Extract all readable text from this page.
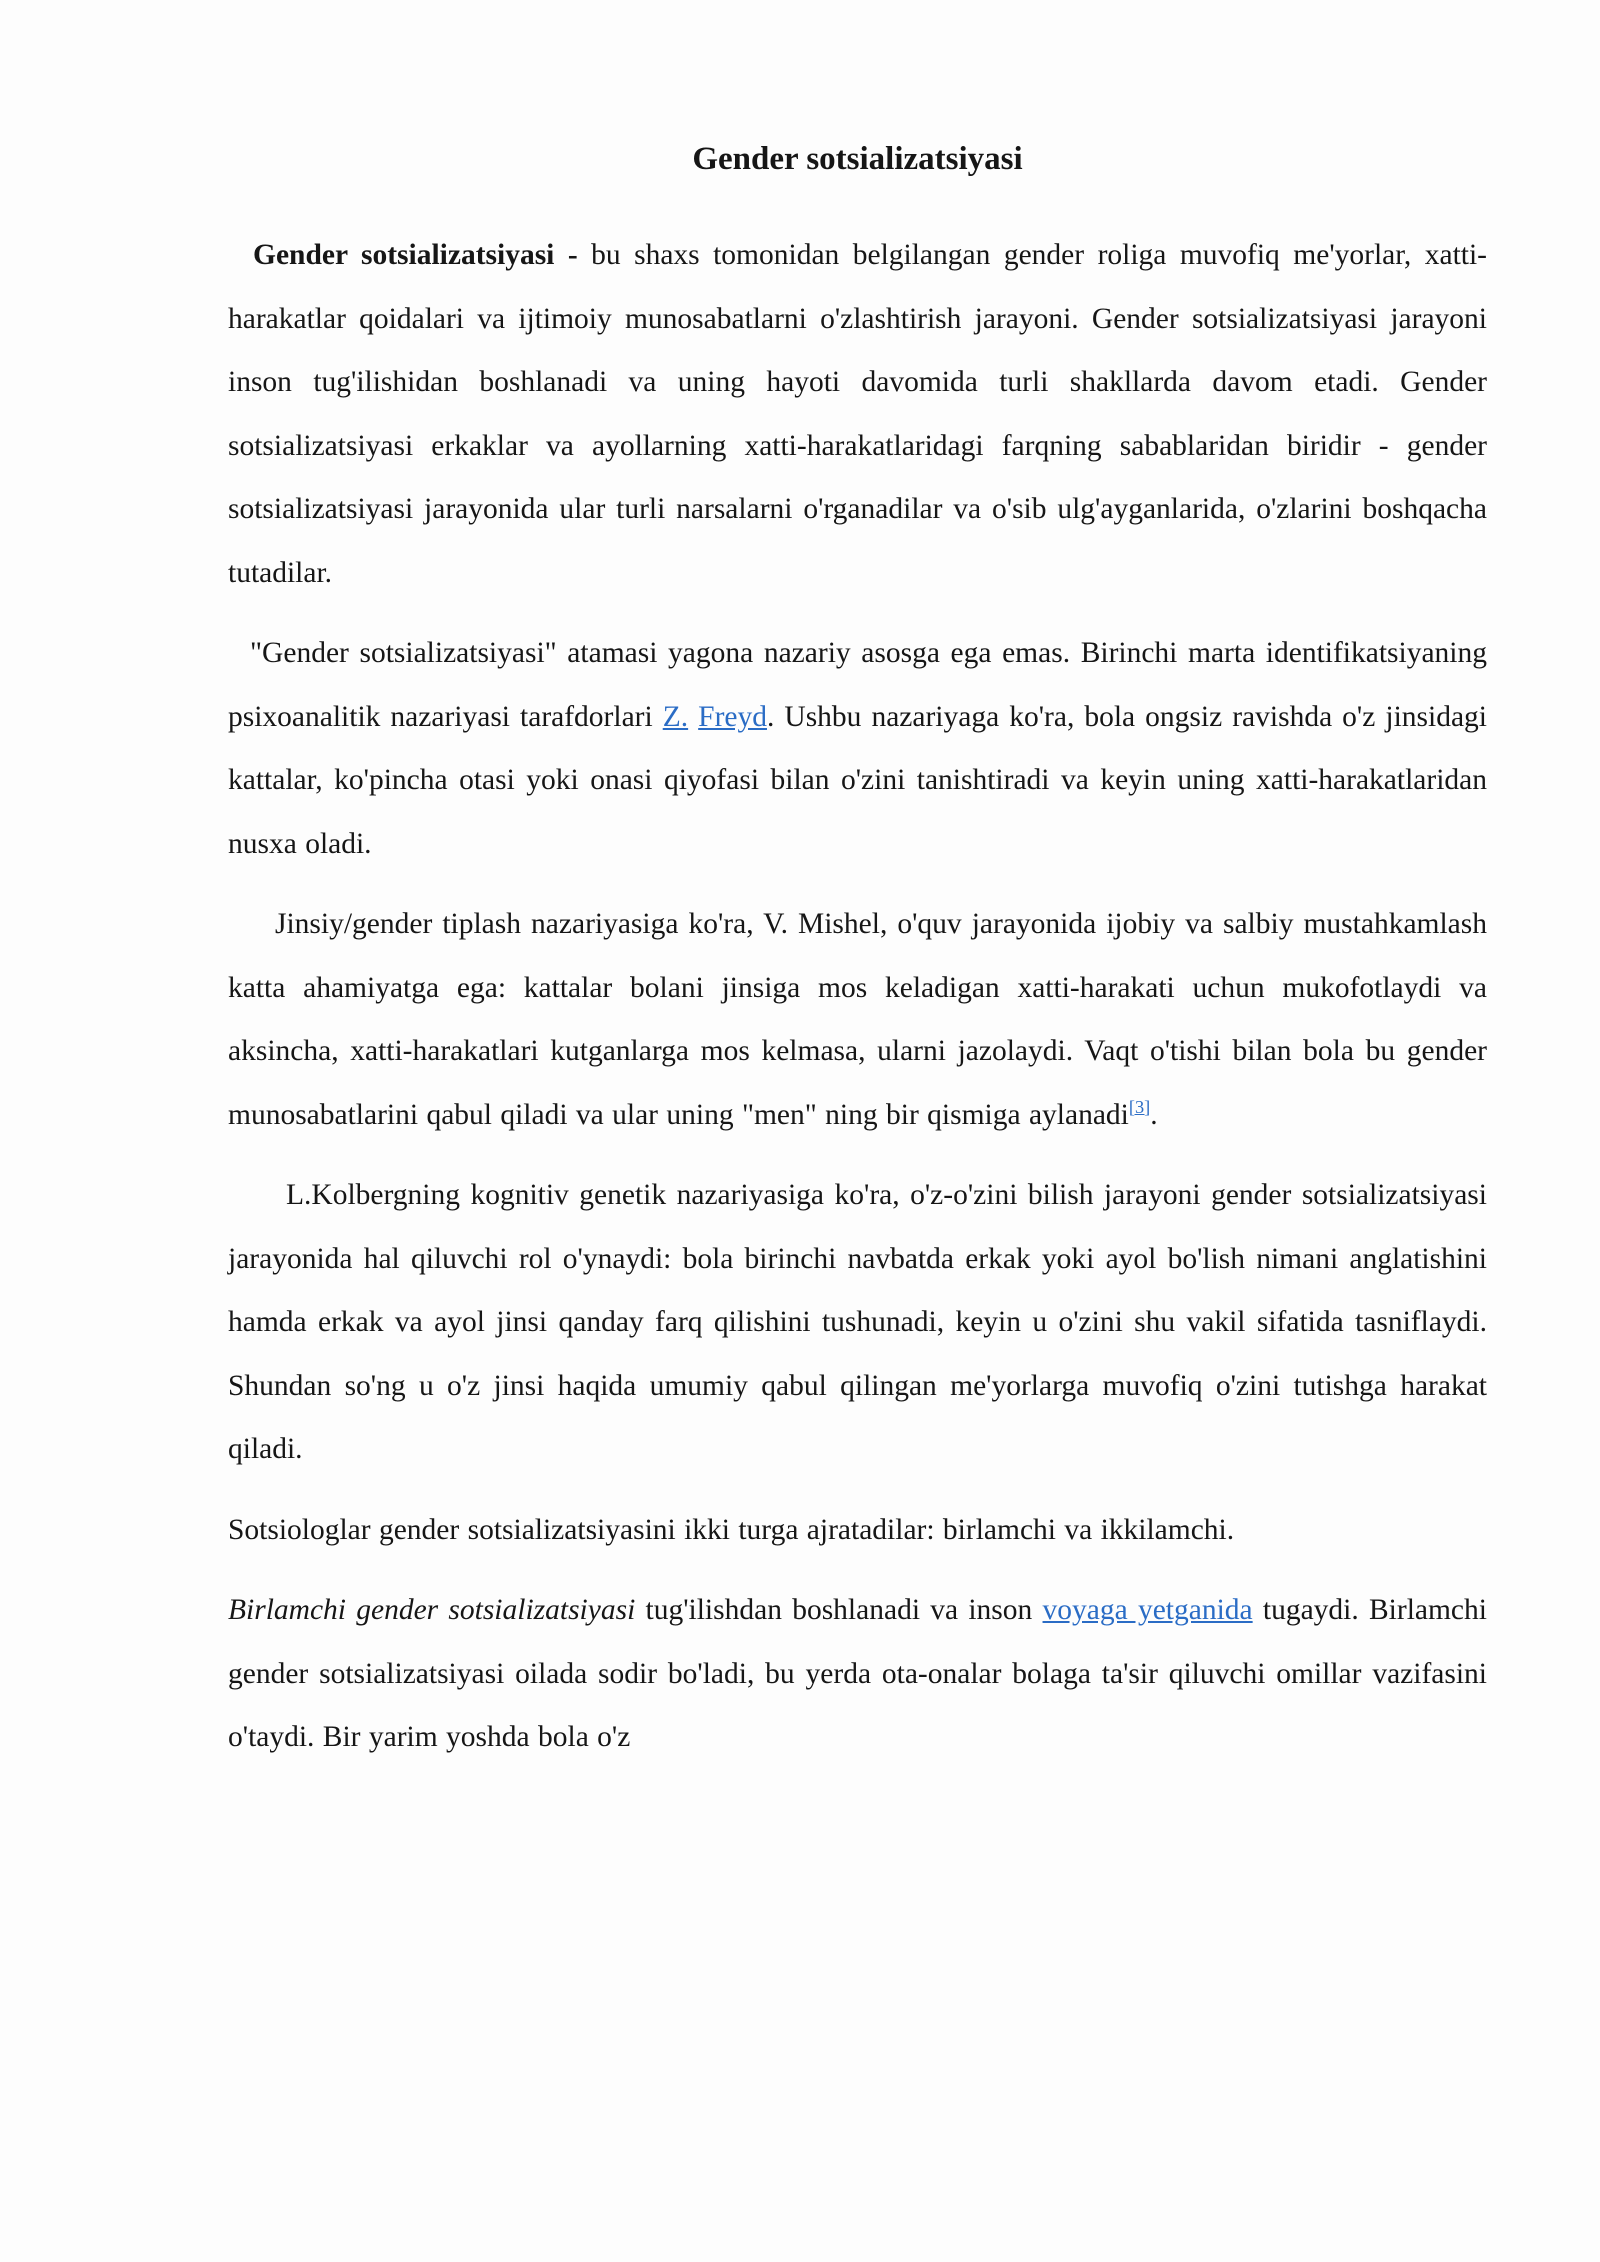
Gender sotsializatsiyasi

Gender sotsializatsiyasi - bu shaxs tomonidan belgilangan gender roliga muvofiq me'yorlar, xatti-harakatlar qoidalari va ijtimoiy munosabatlarni o'zlashtirish jarayoni. Gender sotsializatsiyasi jarayoni inson tug'ilishidan boshlanadi va uning hayoti davomida turli shakllarda davom etadi. Gender sotsializatsiyasi erkaklar va ayollarning xatti-harakatlaridagi farqning sabablaridan biridir - gender sotsializatsiyasi jarayonida ular turli narsalarni o'rganadilar va o'sib ulg'ayganlarida, o'zlarini boshqacha tutadilar.

"Gender sotsializatsiyasi" atamasi yagona nazariy asosga ega emas. Birinchi marta identifikatsiyaning psixoanalitik nazariyasi tarafdorlari Z. Freyd. Ushbu nazariyaga ko'ra, bola ongsiz ravishda o'z jinsidagi kattalar, ko'pincha otasi yoki onasi qiyofasi bilan o'zini tanishtiradi va keyin uning xatti-harakatlaridan nusxa oladi.

Jinsiy/gender tiplash nazariyasiga ko'ra, V. Mishel, o'quv jarayonida ijobiy va salbiy mustahkamlash katta ahamiyatga ega: kattalar bolani jinsiga mos keladigan xatti-harakati uchun mukofotlaydi va aksincha, xatti-harakatlari kutganlarga mos kelmasa, ularni jazolaydi. Vaqt o'tishi bilan bola bu gender munosabatlarini qabul qiladi va ular uning "men" ning bir qismiga aylanadi[3].

L.Kolbergning kognitiv genetik nazariyasiga ko'ra, o'z-o'zini bilish jarayoni gender sotsializatsiyasi jarayonida hal qiluvchi rol o'ynaydi: bola birinchi navbatda erkak yoki ayol bo'lish nimani anglatishini hamda erkak va ayol jinsi qanday farq qilishini tushunadi, keyin u o'zini shu vakil sifatida tasniflaydi. Shundan so'ng u o'z jinsi haqida umumiy qabul qilingan me'yorlarga muvofiq o'zini tutishga harakat qiladi.

Sotsiologlar gender sotsializatsiyasini ikki turga ajratadilar: birlamchi va ikkilamchi.

Birlamchi gender sotsializatsiyasi tug'ilishdan boshlanadi va inson voyaga yetganida tugaydi. Birlamchi gender sotsializatsiyasi oilada sodir bo'ladi, bu yerda ota-onalar bolaga ta'sir qiluvchi omillar vazifasini o'taydi. Bir yarim yoshda bola o'z
